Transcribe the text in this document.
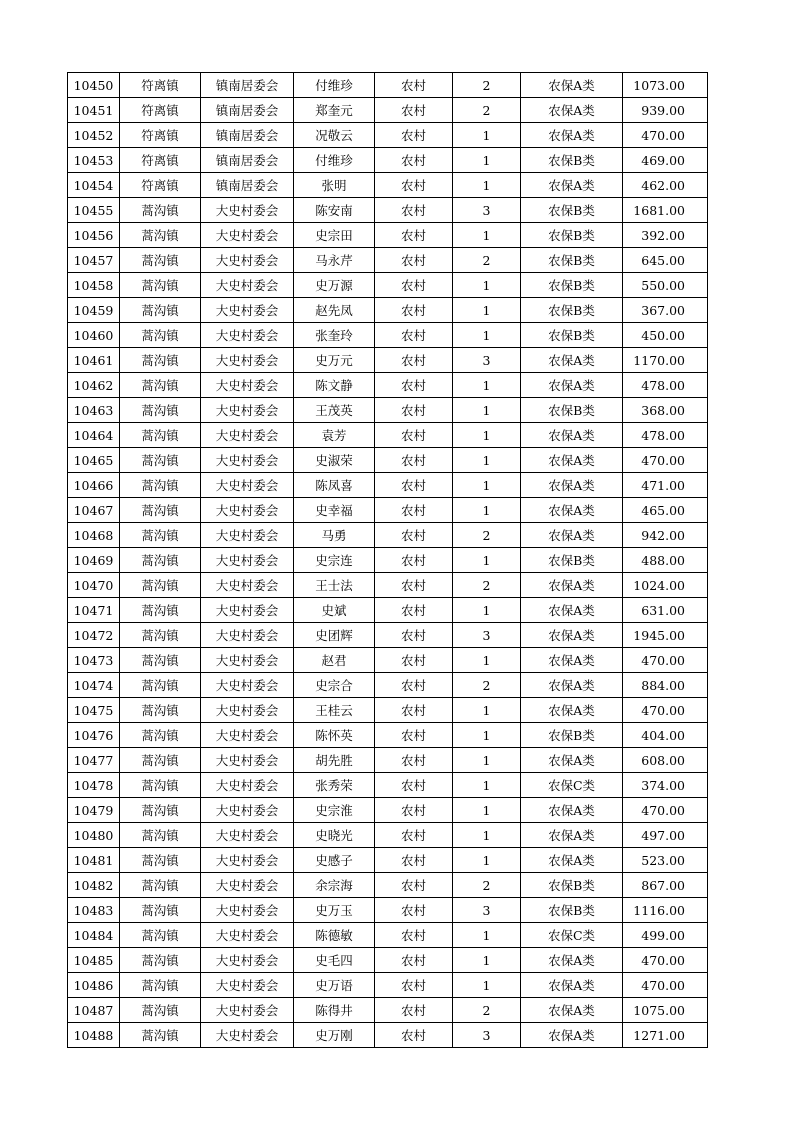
10450	符离镇	镇南居委会	付维珍	农村	2	农保A类	1073.00
10451	符离镇	镇南居委会	郑奎元	农村	2	农保A类	939.00
10452	符离镇	镇南居委会	况敬云	农村	1	农保A类	470.00
10453	符离镇	镇南居委会	付维珍	农村	1	农保B类	469.00
10454	符离镇	镇南居委会	张明	农村	1	农保A类	462.00
10455	蒿沟镇	大史村委会	陈安南	农村	3	农保B类	1681.00
10456	蒿沟镇	大史村委会	史宗田	农村	1	农保B类	392.00
10457	蒿沟镇	大史村委会	马永芹	农村	2	农保B类	645.00
10458	蒿沟镇	大史村委会	史万源	农村	1	农保B类	550.00
10459	蒿沟镇	大史村委会	赵先凤	农村	1	农保B类	367.00
10460	蒿沟镇	大史村委会	张奎玲	农村	1	农保B类	450.00
10461	蒿沟镇	大史村委会	史万元	农村	3	农保A类	1170.00
10462	蒿沟镇	大史村委会	陈文静	农村	1	农保A类	478.00
10463	蒿沟镇	大史村委会	王茂英	农村	1	农保B类	368.00
10464	蒿沟镇	大史村委会	袁芳	农村	1	农保A类	478.00
10465	蒿沟镇	大史村委会	史淑荣	农村	1	农保A类	470.00
10466	蒿沟镇	大史村委会	陈凤喜	农村	1	农保A类	471.00
10467	蒿沟镇	大史村委会	史幸福	农村	1	农保A类	465.00
10468	蒿沟镇	大史村委会	马勇	农村	2	农保A类	942.00
10469	蒿沟镇	大史村委会	史宗连	农村	1	农保B类	488.00
10470	蒿沟镇	大史村委会	王士法	农村	2	农保A类	1024.00
10471	蒿沟镇	大史村委会	史斌	农村	1	农保A类	631.00
10472	蒿沟镇	大史村委会	史团辉	农村	3	农保A类	1945.00
10473	蒿沟镇	大史村委会	赵君	农村	1	农保A类	470.00
10474	蒿沟镇	大史村委会	史宗合	农村	2	农保A类	884.00
10475	蒿沟镇	大史村委会	王桂云	农村	1	农保A类	470.00
10476	蒿沟镇	大史村委会	陈怀英	农村	1	农保B类	404.00
10477	蒿沟镇	大史村委会	胡先胜	农村	1	农保A类	608.00
10478	蒿沟镇	大史村委会	张秀荣	农村	1	农保C类	374.00
10479	蒿沟镇	大史村委会	史宗淮	农村	1	农保A类	470.00
10480	蒿沟镇	大史村委会	史晓光	农村	1	农保A类	497.00
10481	蒿沟镇	大史村委会	史感子	农村	1	农保A类	523.00
10482	蒿沟镇	大史村委会	余宗海	农村	2	农保B类	867.00
10483	蒿沟镇	大史村委会	史万玉	农村	3	农保B类	1116.00
10484	蒿沟镇	大史村委会	陈德敏	农村	1	农保C类	499.00
10485	蒿沟镇	大史村委会	史毛四	农村	1	农保A类	470.00
10486	蒿沟镇	大史村委会	史万语	农村	1	农保A类	470.00
10487	蒿沟镇	大史村委会	陈得井	农村	2	农保A类	1075.00
10488	蒿沟镇	大史村委会	史万刚	农村	3	农保A类	1271.00
